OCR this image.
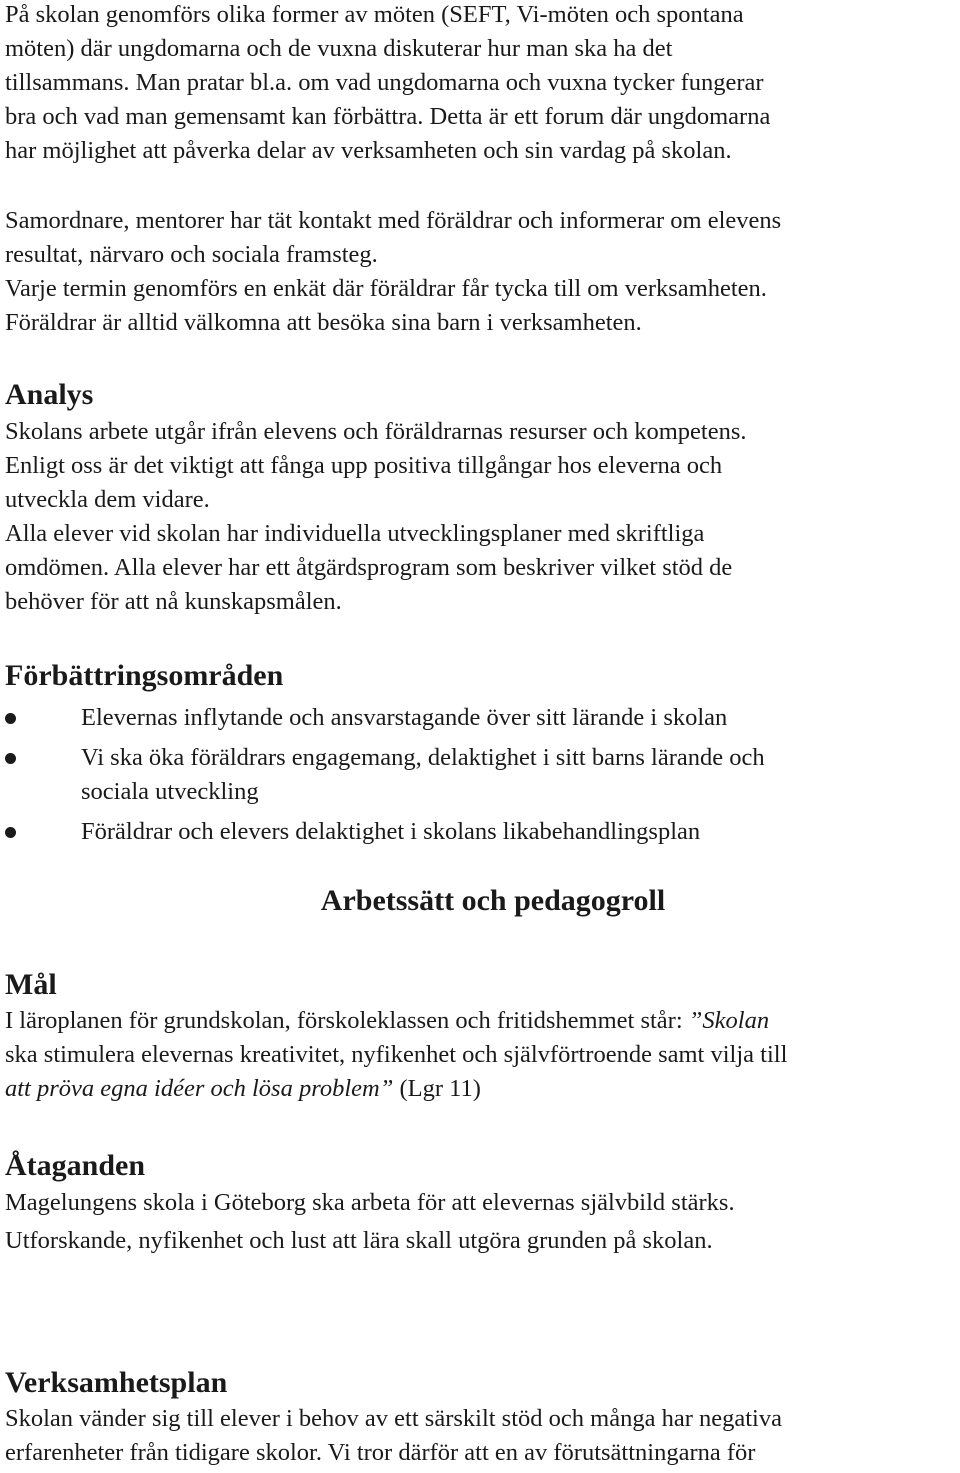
På skolan genomförs olika former av möten (SEFT, Vi-möten och spontana
möten) där ungdomarna och de vuxna diskuterar hur man ska ha det
tillsammans. Man pratar bl.a. om vad ungdomarna och vuxna tycker fungerar
bra och vad man gemensamt kan förbättra. Detta är ett forum där ungdomarna
har möjlighet att påverka delar av verksamheten och sin vardag på skolan.
Samordnare, mentorer har tät kontakt med föräldrar och informerar om elevens
resultat, närvaro och sociala framsteg.
Varje termin genomförs en enkät där föräldrar får tycka till om verksamheten.
Föräldrar är alltid välkomna att besöka sina barn i verksamheten.
Analys
Skolans arbete utgår ifrån elevens och föräldrarnas resurser och kompetens.
Enligt oss är det viktigt att fånga upp positiva tillgångar hos eleverna och
utveckla dem vidare.
Alla elever vid skolan har individuella utvecklingsplaner med skriftliga
omdömen. Alla elever har ett åtgärdsprogram som beskriver vilket stöd de
behöver för att nå kunskapsmålen.
Förbättringsområden
Elevernas inflytande och ansvarstagande över sitt lärande i skolan
Vi ska öka föräldrars engagemang, delaktighet i sitt barns lärande och
sociala utveckling
Föräldrar och elevers delaktighet i skolans likabehandlingsplan
Arbetssätt och pedagogroll
Mål
I läroplanen för grundskolan, förskoleklassen och fritidshemmet står: ”Skolan
ska stimulera elevernas kreativitet, nyfikenhet och självförtroende samt vilja till
att pröva egna idéer och lösa problem” (Lgr 11)
Åtaganden
Magelungens skola i Göteborg ska arbeta för att elevernas självbild stärks.
Utforskande, nyfikenhet och lust att lära skall utgöra grunden på skolan.
Verksamhetsplan
Skolan vänder sig till elever i behov av ett särskilt stöd och många har negativa
erfarenheter från tidigare skolor. Vi tror därför att en av förutsättningarna för
